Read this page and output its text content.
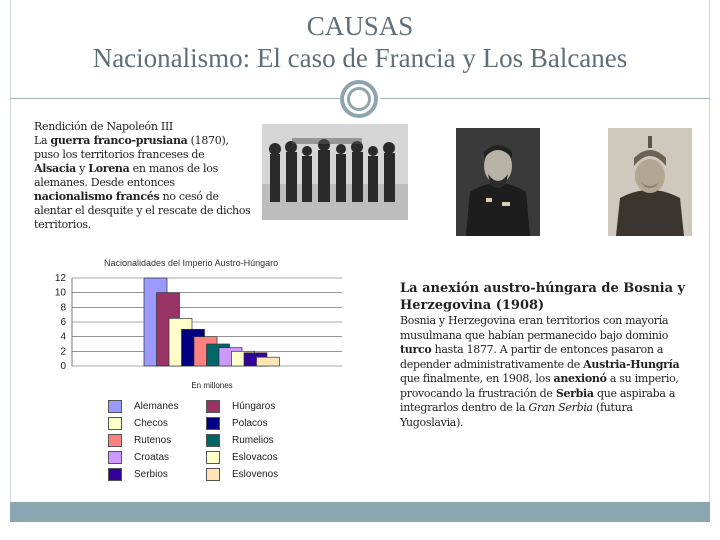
CAUSAS
Nacionalismo: El caso de Francia y Los Balcanes
Rendición de Napoleón III
La guerra franco-prusiana (1870),
puso los territorios franceses de
Alsacia y Lorena en manos de los
alemanes. Desde entonces
nacionalismo francés no cesó de
alentar el desquite y el rescate de dichos
territorios.
Nacionalidades del Imperio Austro-Húngaro
12
10
8
6
4
2
0
En millones
Alemanes	Húngaros
Checos	Polacos
Rutenos	Rumelios
Croatas	Eslovacos
Serbios	Eslovenos
La anexión austro-húngara de Bosnia y Herzegovina (1908)
Bosnia y Herzegovina eran territorios con mayoría musulmana que habían permanecido bajo dominio turco hasta 1877. A partir de entonces pasaron a depender administrativamente de Austria-Hungría que finalmente, en 1908, los anexionó a su imperio, provocando la frustración de Serbia que aspiraba a integrarlos dentro de la Gran Serbia (futura Yugoslavia).
